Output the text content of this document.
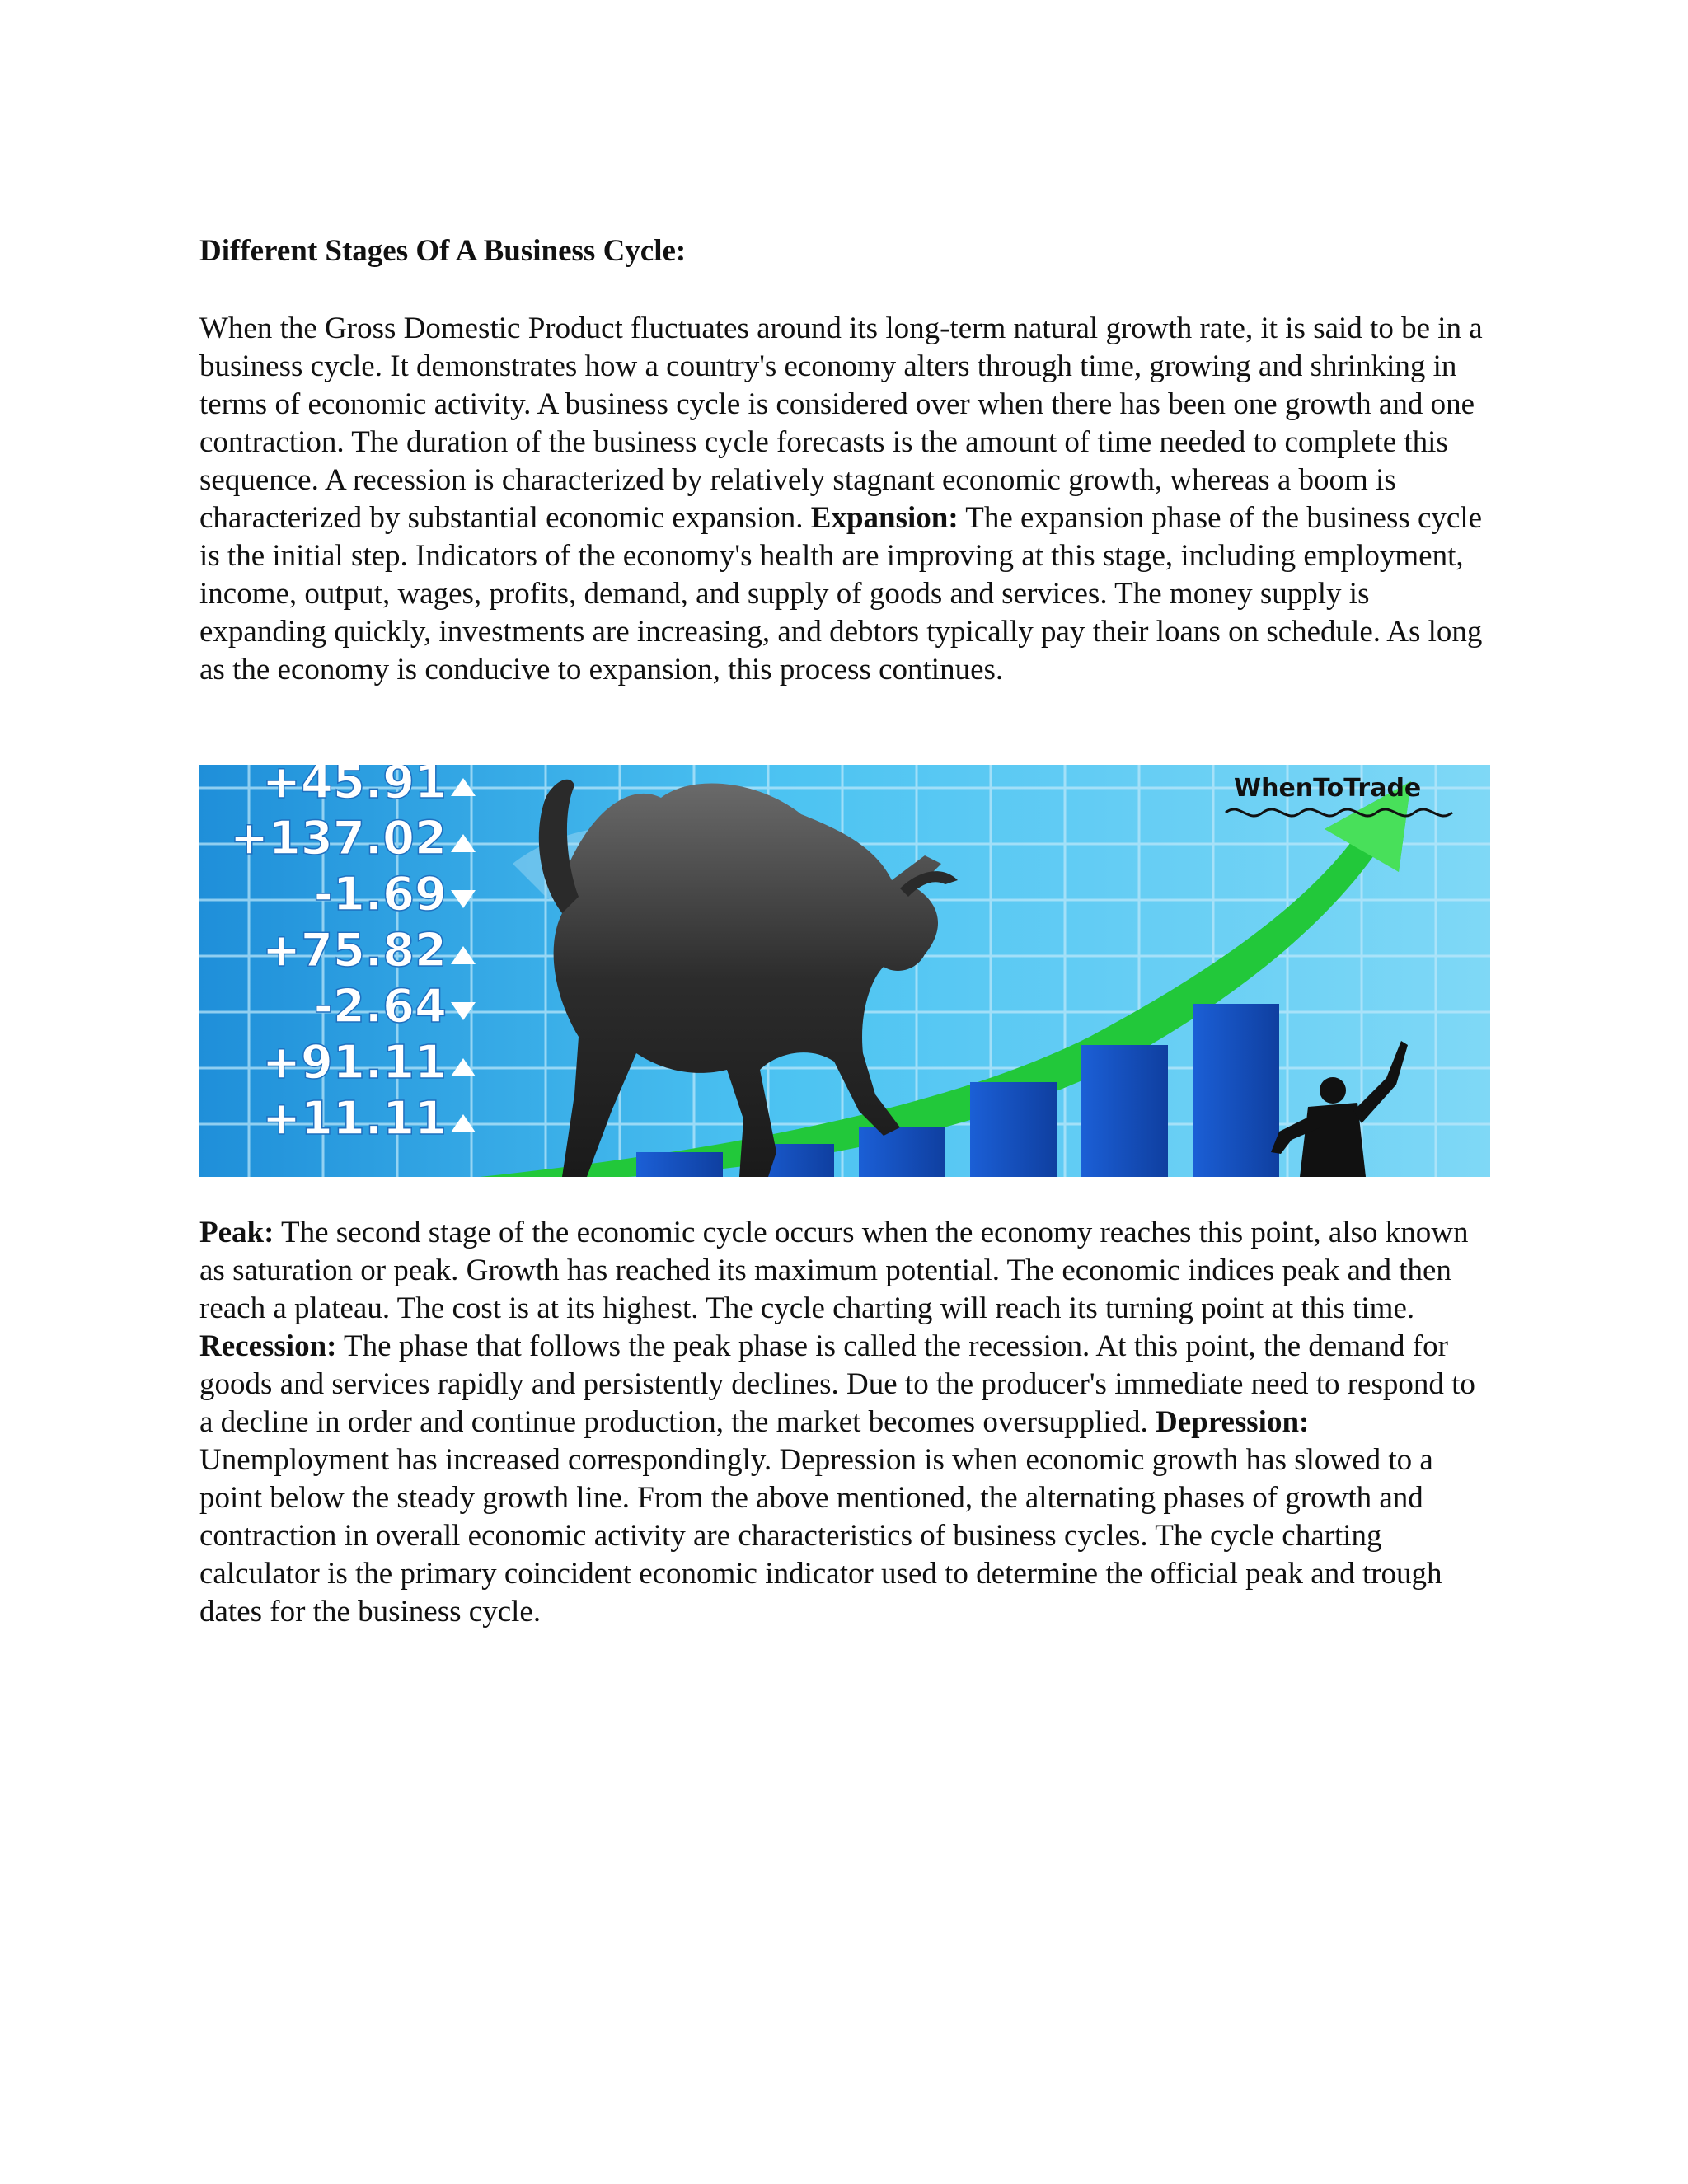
Different Stages Of A Business Cycle:

When the Gross Domestic Product fluctuates around its long-term natural growth rate, it is said to be in a business cycle. It demonstrates how a country's economy alters through time, growing and shrinking in terms of economic activity. A business cycle is considered over when there has been one growth and one contraction. The duration of the business cycle forecasts is the amount of time needed to complete this sequence. A recession is characterized by relatively stagnant economic growth, whereas a boom is characterized by substantial economic expansion. Expansion: The expansion phase of the business cycle is the initial step. Indicators of the economy's health are improving at this stage, including employment, income, output, wages, profits, demand, and supply of goods and services. The money supply is expanding quickly, investments are increasing, and debtors typically pay their loans on schedule. As long as the economy is conducive to expansion, this process continues.

+45.91
+137.02
-1.69
+75.82
-2.64
+91.11
+11.11
WhenToTrade

Peak: The second stage of the economic cycle occurs when the economy reaches this point, also known as saturation or peak. Growth has reached its maximum potential. The economic indices peak and then reach a plateau. The cost is at its highest. The cycle charting will reach its turning point at this time. Recession: The phase that follows the peak phase is called the recession. At this point, the demand for goods and services rapidly and persistently declines. Due to the producer's immediate need to respond to a decline in order and continue production, the market becomes oversupplied. Depression: Unemployment has increased correspondingly. Depression is when economic growth has slowed to a point below the steady growth line. From the above mentioned, the alternating phases of growth and contraction in overall economic activity are characteristics of business cycles. The cycle charting calculator is the primary coincident economic indicator used to determine the official peak and trough dates for the business cycle.
